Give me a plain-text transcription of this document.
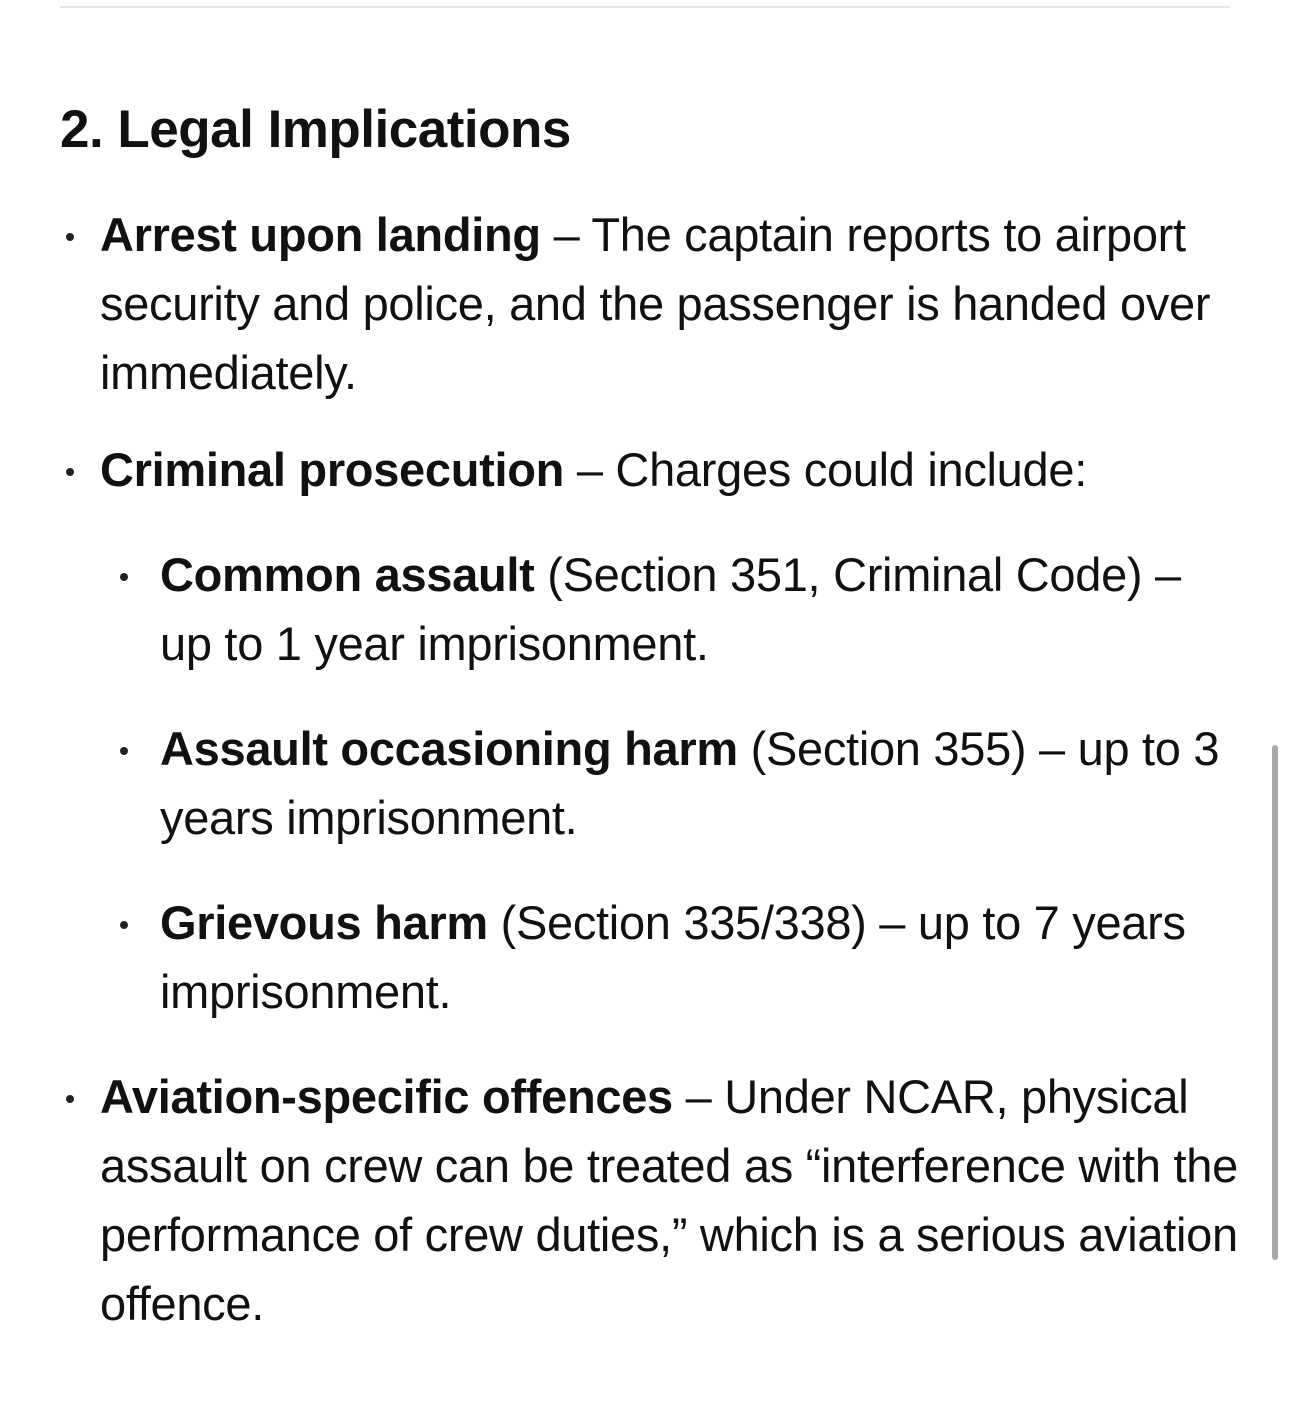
2. Legal Implications
Arrest upon landing – The captain reports to airport security and police, and the passenger is handed over immediately.
Criminal prosecution – Charges could include:
Common assault (Section 351, Criminal Code) – up to 1 year imprisonment.
Assault occasioning harm (Section 355) – up to 3 years imprisonment.
Grievous harm (Section 335/338) – up to 7 years imprisonment.
Aviation-specific offences – Under NCAR, physical assault on crew can be treated as “interference with the performance of crew duties,” which is a serious aviation offence.
